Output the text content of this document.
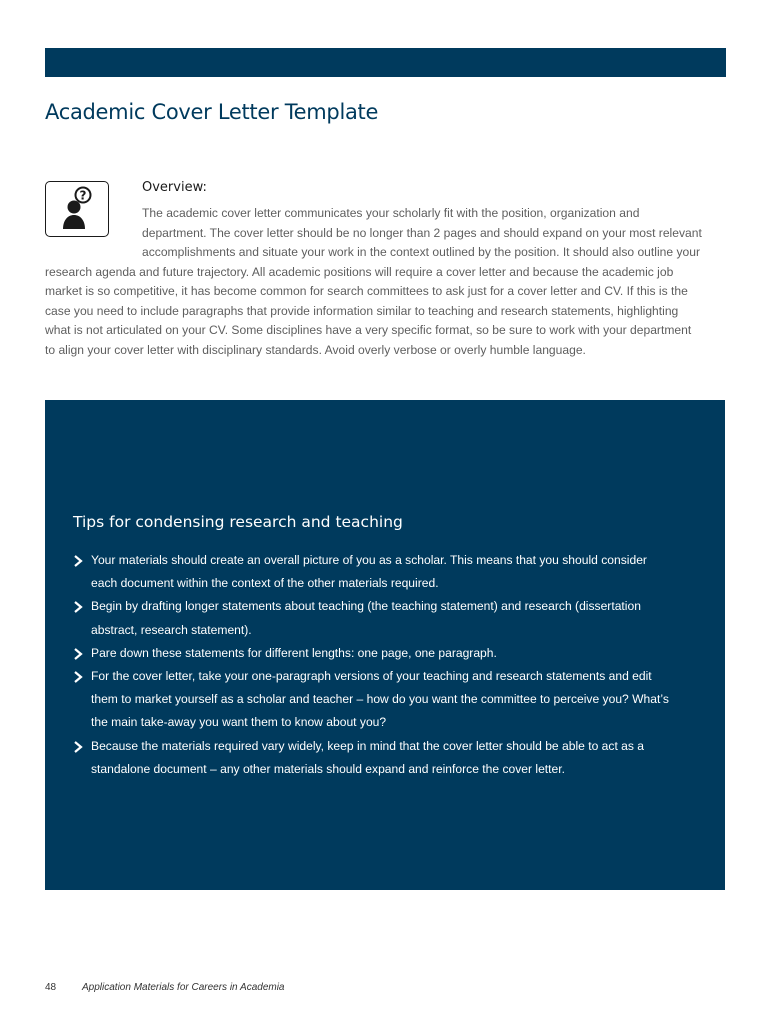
Academic Cover Letter Template
?
Overview:

The academic cover letter communicates your scholarly fit with the position, organization and
department. The cover letter should be no longer than 2 pages and should expand on your most relevant
accomplishments and situate your work in the context outlined by the position. It should also outline your
research agenda and future trajectory. All academic positions will require a cover letter and because the academic job
market is so competitive, it has become common for search committees to ask just for a cover letter and CV. If this is the
case you need to include paragraphs that provide information similar to teaching and research statements, highlighting
what is not articulated on your CV. Some disciplines have a very specific format, so be sure to work with your department
to align your cover letter with disciplinary standards. Avoid overly verbose or overly humble language.

Tips for condensing research and teaching
Your materials should create an overall picture of you as a scholar. This means that you should consider
each document within the context of the other materials required.
Begin by drafting longer statements about teaching (the teaching statement) and research (dissertation
abstract, research statement).
Pare down these statements for different lengths: one page, one paragraph.
For the cover letter, take your one-paragraph versions of your teaching and research statements and edit
them to market yourself as a scholar and teacher – how do you want the committee to perceive you? What’s
the main take-away you want them to know about you?
Because the materials required vary widely, keep in mind that the cover letter should be able to act as a
standalone document – any other materials should expand and reinforce the cover letter.
48	Application Materials for Careers in Academia
